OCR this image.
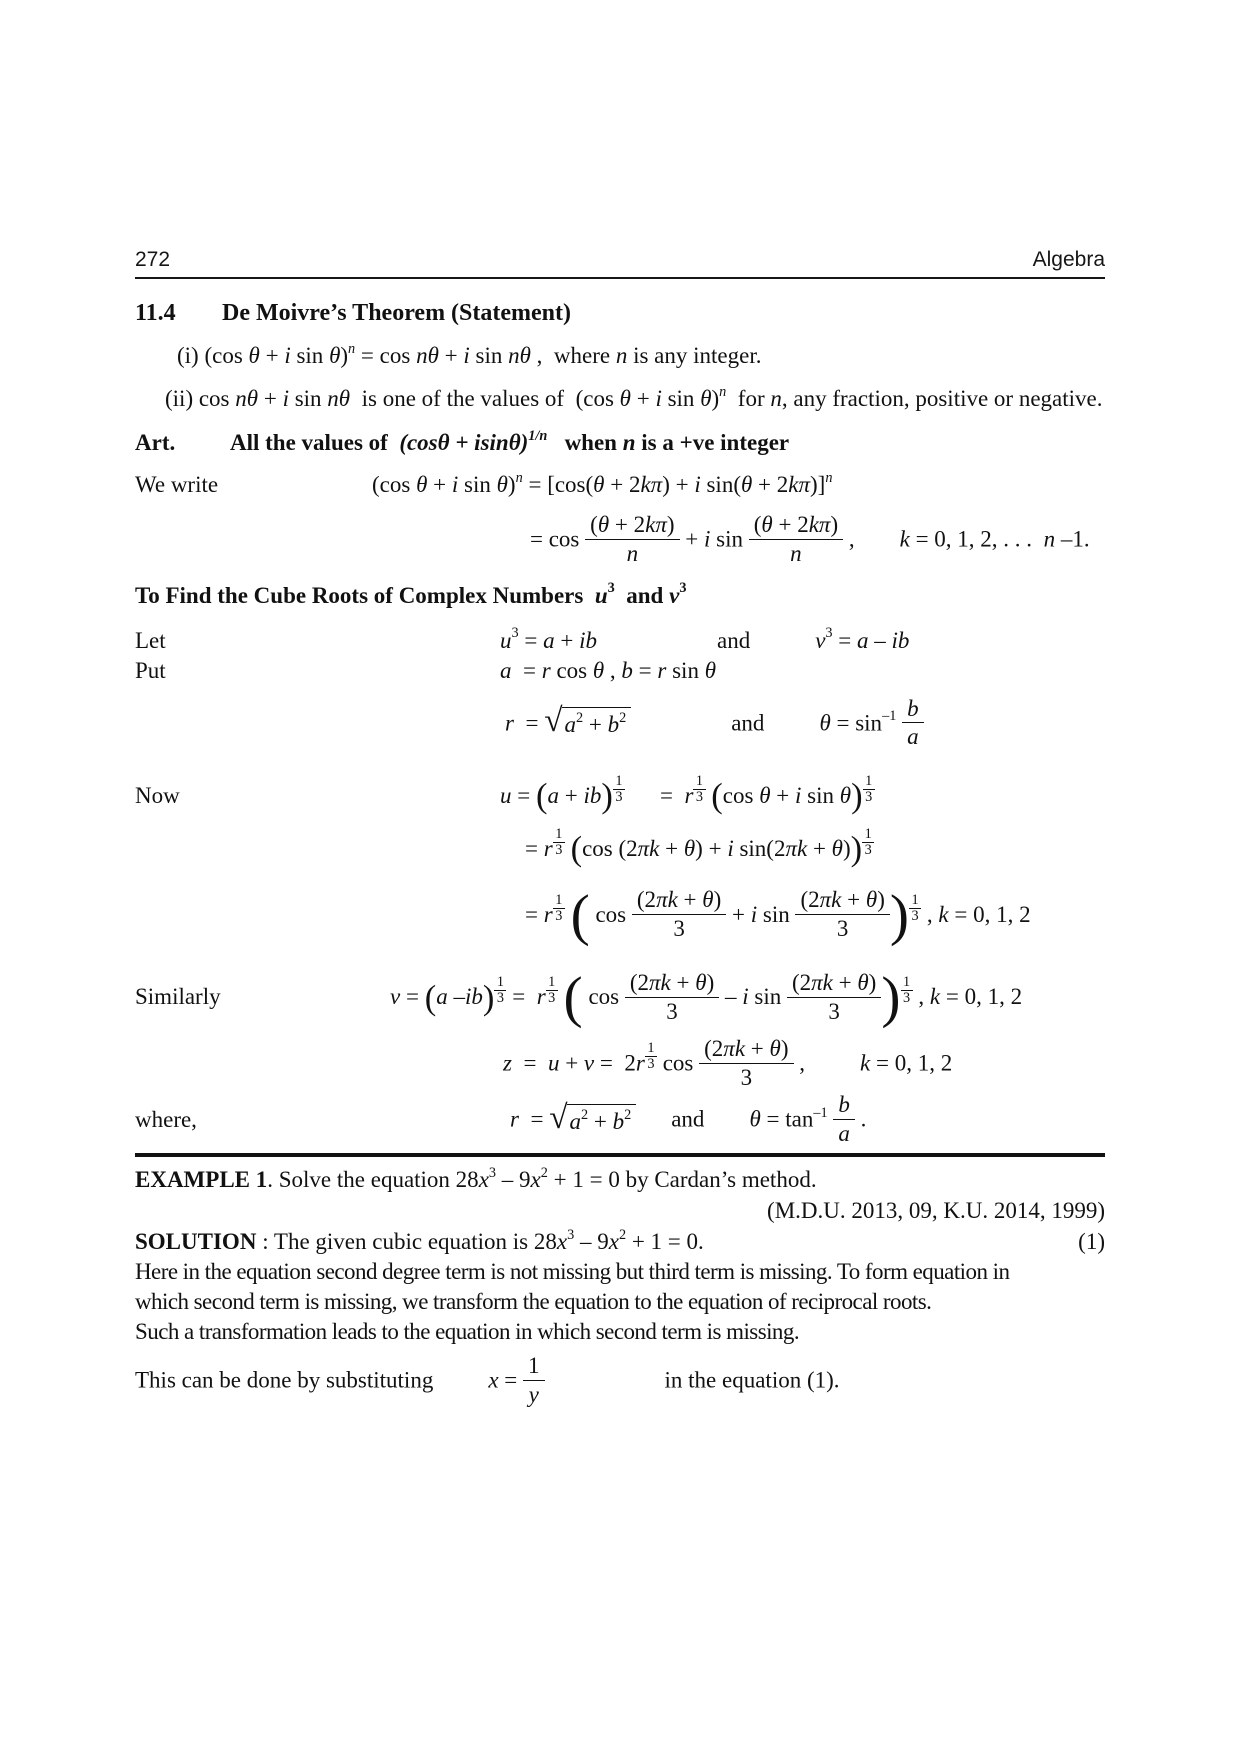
272	Algebra
11.4 De Moivre’s Theorem (Statement)
(i) (cos θ + i sin θ)n = cos nθ + i sin nθ ,  where n is any integer.
(ii) cos nθ + i sin nθ  is one of the values of  (cos θ + i sin θ)n  for n, any fraction, positive or negative.
Art. All the values of  (cosθ + isinθ)1/n   when n is a +ve integer
We write	(cos θ + i sin θ)n = [cos(θ + 2kπ) + i sin(θ + 2kπ)]n
= $\cos \frac{(\theta + 2k\pi)}{n} + i$ $\sin \frac{(\theta + 2k\pi)}{n}$ , k = 0, 1, 2, . . .  n –1.
To Find the Cube Roots of Complex Numbers  u3  and v3
Let	u3 = a + ib	and	v3 = a – ib
Put	a  = r cos θ , b = r sin θ
r  = √ a2 + b2	and $\theta = \sin-1 \frac{b}{a}$
Now	$u = (a + ib) \frac{1}{3} = r \frac{1}{3} (\cos$ θ + i $\sin \theta) \frac{1}{3}$
= r $\frac{1}{3} (\cos$ (2πk + θ) + i $\sin(2\pi k + \theta)) \frac{1}{3}$
= r $\frac{1}{3}$ ( $\cos \frac{(2\pi k + \theta)}{3} + i$ $\sin \frac{(2\pi k + \theta)}{3}$ ) $\frac{1}{3}$ , k = 0, 1, 2
Similarly	v = (a $-ib) \frac{1}{3} = r \frac{1}{3}$ ( $\cos \frac{(2\pi k + \theta)}{3}$ – i $\sin \frac{(2\pi k + \theta)}{3}$ ) $\frac{1}{3}$ , k = 0, 1, 2
$z = u + v = 2r \frac{1}{3}$ $\cos \frac{(2\pi k + \theta)}{3}$ , k = 0, 1, 2
where,	r  = √ a2 + b2 and $\theta = \tan-1 \frac{b}{a}$ .
EXAMPLE 1. Solve the equation 28x3 – 9x2 + 1 = 0 by Cardan’s method.
(M.D.U. 2013, 09, K.U. 2014, 1999)
SOLUTION : The given cubic equation is 28x3 – 9x2 + 1 = 0.	(1)
Here in the equation second degree term is not missing but third term is missing. To form equation in
which second term is missing, we transform the equation to the equation of reciprocal roots.
Such a transformation leads to the equation in which second term is missing.
This can be done by substituting $x = \frac{1}{y}$	in the equation (1).
